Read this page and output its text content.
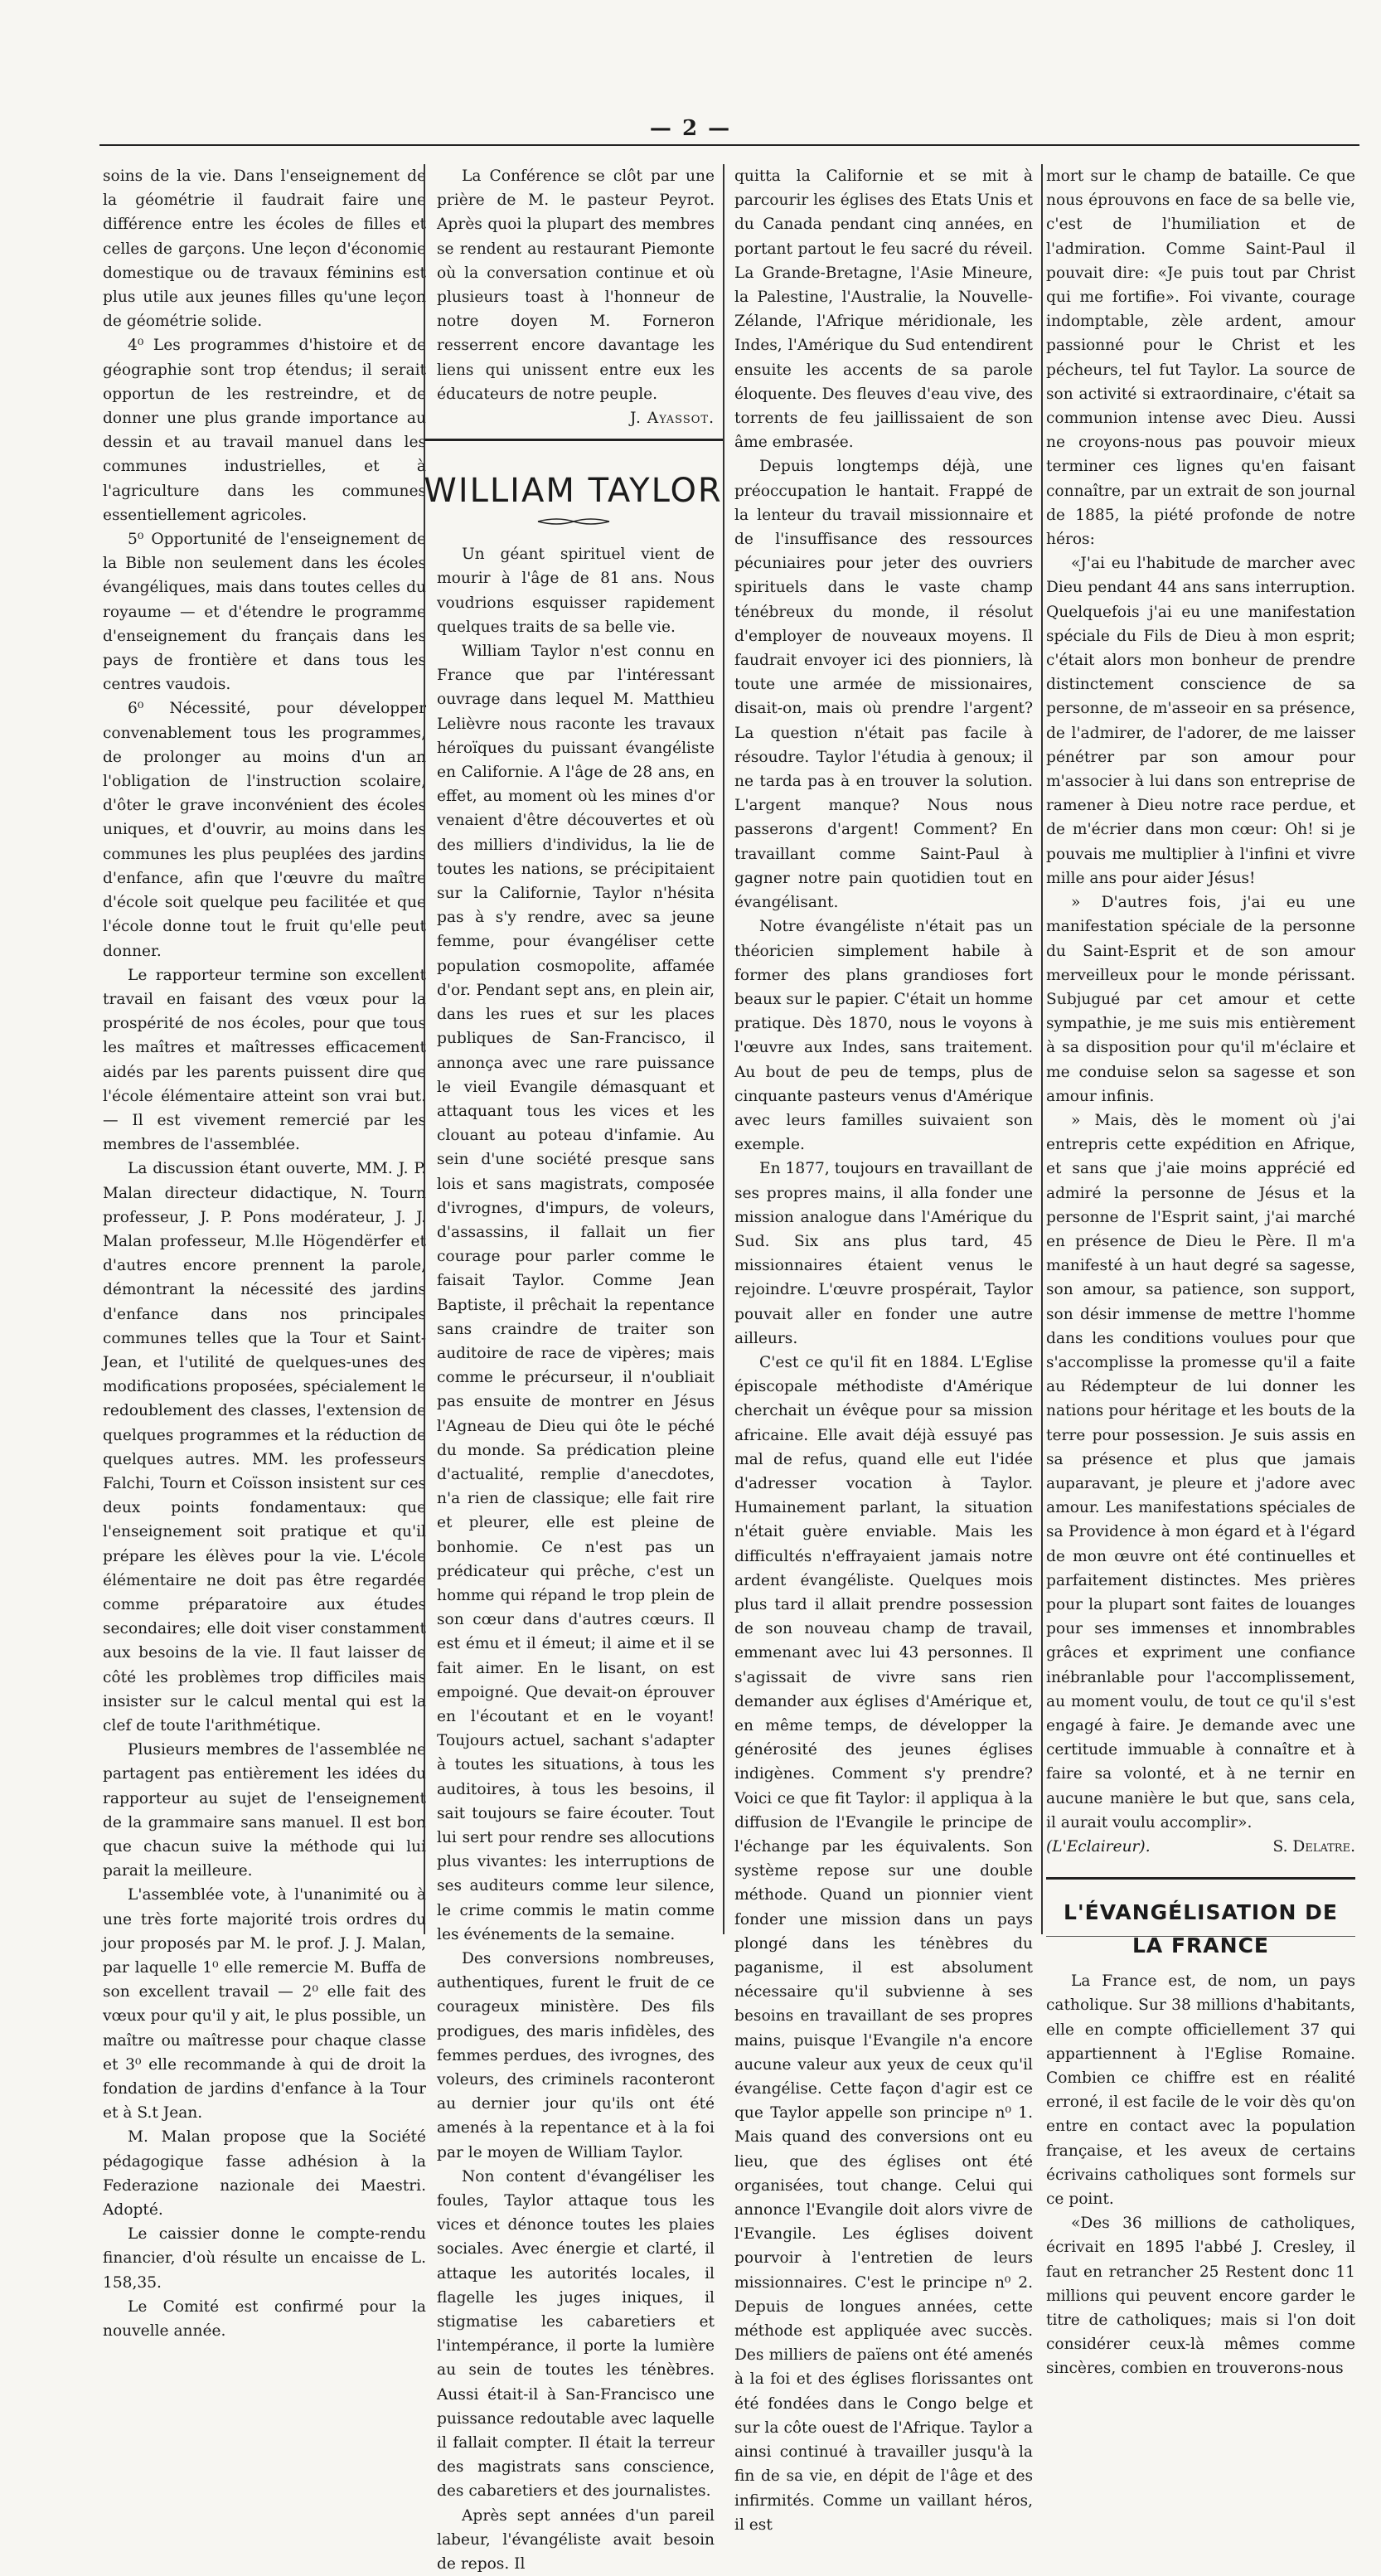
— 2 —

soins de la vie. Dans l'enseignement de la géométrie il faudrait faire une différence entre les écoles de filles et celles de garçons. Une leçon d'économie domestique ou de travaux féminins est plus utile aux jeunes filles qu'une leçon de géométrie solide.

4⁰ Les programmes d'histoire et de géographie sont trop étendus; il serait opportun de les restreindre, et de donner une plus grande importance au dessin et au travail manuel dans les communes industrielles, et à l'agriculture dans les communes essentiellement agricoles.

5⁰ Opportunité de l'enseignement de la Bible non seulement dans les écoles évangéliques, mais dans toutes celles du royaume — et d'étendre le programme d'enseignement du français dans les pays de frontière et dans tous les centres vaudois.

6⁰ Nécessité, pour développer convenablement tous les programmes, de prolonger au moins d'un an l'obligation de l'instruction scolaire, d'ôter le grave inconvénient des écoles uniques, et d'ouvrir, au moins dans les communes les plus peuplées des jardins d'enfance, afin que l'œuvre du maître d'école soit quelque peu facilitée et que l'école donne tout le fruit qu'elle peut donner.

Le rapporteur termine son excellent travail en faisant des vœux pour la prospérité de nos écoles, pour que tous les maîtres et maîtresses efficacement aidés par les parents puissent dire que l'école élémentaire atteint son vrai but. — Il est vivement remercié par les membres de l'assemblée.

La discussion étant ouverte, MM. J. P. Malan directeur didactique, N. Tourn professeur, J. P. Pons modérateur, J. J. Malan professeur, M.lle Högendërfer et d'autres encore prennent la parole, démontrant la nécessité des jardins d'enfance dans nos principales communes telles que la Tour et Saint-Jean, et l'utilité de quelques-unes des modifications proposées, spécialement le redoublement des classes, l'extension de quelques programmes et la réduction de quelques autres. MM. les professeurs Falchi, Tourn et Coïsson insistent sur ces deux points fondamentaux: que l'enseignement soit pratique et qu'il prépare les élèves pour la vie. L'école élémentaire ne doit pas être regardée comme préparatoire aux études secondaires; elle doit viser constamment aux besoins de la vie. Il faut laisser de côté les problèmes trop difficiles mais insister sur le calcul mental qui est la clef de toute l'arithmétique.

Plusieurs membres de l'assemblée ne partagent pas entièrement les idées du rapporteur au sujet de l'enseignement de la grammaire sans manuel. Il est bon que chacun suive la méthode qui lui parait la meilleure.

L'assemblée vote, à l'unanimité ou à une très forte majorité trois ordres du jour proposés par M. le prof. J. J. Malan, par laquelle 1⁰ elle remercie M. Buffa de son excellent travail — 2⁰ elle fait des vœux pour qu'il y ait, le plus possible, un maître ou maîtresse pour chaque classe et 3⁰ elle recommande à qui de droit la fondation de jardins d'enfance à la Tour et à S.t Jean.

M. Malan propose que la Société pédagogique fasse adhésion à la Federazione nazionale dei Maestri. Adopté.

Le caissier donne le compte-rendu financier, d'où résulte un encaisse de L. 158,35.

Le Comité est confirmé pour la nouvelle année.

La Conférence se clôt par une prière de M. le pasteur Peyrot. Après quoi la plupart des membres se rendent au restaurant Piemonte où la conversation continue et où plusieurs toast à l'honneur de notre doyen M. Forneron resserrent encore davantage les liens qui unissent entre eux les éducateurs de notre peuple.

J. Ayassot.

WILLIAM TAYLOR

Un géant spirituel vient de mourir à l'âge de 81 ans. Nous voudrions esquisser rapidement quelques traits de sa belle vie.

William Taylor n'est connu en France que par l'intéressant ouvrage dans lequel M. Matthieu Lelièvre nous raconte les travaux héroïques du puissant évangéliste en Californie. A l'âge de 28 ans, en effet, au moment où les mines d'or venaient d'être découvertes et où des milliers d'individus, la lie de toutes les nations, se précipitaient sur la Californie, Taylor n'hésita pas à s'y rendre, avec sa jeune femme, pour évangéliser cette population cosmopolite, affamée d'or. Pendant sept ans, en plein air, dans les rues et sur les places publiques de San-Francisco, il annonça avec une rare puissance le vieil Evangile démasquant et attaquant tous les vices et les clouant au poteau d'infamie. Au sein d'une société presque sans lois et sans magistrats, composée d'ivrognes, d'impurs, de voleurs, d'assassins, il fallait un fier courage pour parler comme le faisait Taylor. Comme Jean Baptiste, il prêchait la repentance sans craindre de traiter son auditoire de race de vipères; mais comme le précurseur, il n'oubliait pas ensuite de montrer en Jésus l'Agneau de Dieu qui ôte le péché du monde. Sa prédication pleine d'actualité, remplie d'anecdotes, n'a rien de classique; elle fait rire et pleurer, elle est pleine de bonhomie. Ce n'est pas un prédicateur qui prêche, c'est un homme qui répand le trop plein de son cœur dans d'autres cœurs. Il est ému et il émeut; il aime et il se fait aimer. En le lisant, on est empoigné. Que devait-on éprouver en l'écoutant et en le voyant! Toujours actuel, sachant s'adapter à toutes les situations, à tous les auditoires, à tous les besoins, il sait toujours se faire écouter. Tout lui sert pour rendre ses allocutions plus vivantes: les interruptions de ses auditeurs comme leur silence, le crime commis le matin comme les événements de la semaine.

Des conversions nombreuses, authentiques, furent le fruit de ce courageux ministère. Des fils prodigues, des maris infidèles, des femmes perdues, des ivrognes, des voleurs, des criminels raconteront au dernier jour qu'ils ont été amenés à la repentance et à la foi par le moyen de William Taylor.

Non content d'évangéliser les foules, Taylor attaque tous les vices et dénonce toutes les plaies sociales. Avec énergie et clarté, il attaque les autorités locales, il flagelle les juges iniques, il stigmatise les cabaretiers et l'intempérance, il porte la lumière au sein de toutes les ténèbres. Aussi était-il à San-Francisco une puissance redoutable avec laquelle il fallait compter. Il était la terreur des magistrats sans conscience, des cabaretiers et des journalistes.

Après sept années d'un pareil labeur, l'évangéliste avait besoin de repos. Il

quitta la Californie et se mit à parcourir les églises des Etats Unis et du Canada pendant cinq années, en portant partout le feu sacré du réveil. La Grande-Bretagne, l'Asie Mineure, la Palestine, l'Australie, la Nouvelle-Zélande, l'Afrique méridionale, les Indes, l'Amérique du Sud entendirent ensuite les accents de sa parole éloquente. Des fleuves d'eau vive, des torrents de feu jaillissaient de son âme embrasée.

Depuis longtemps déjà, une préoccupation le hantait. Frappé de la lenteur du travail missionnaire et de l'insuffisance des ressources pécuniaires pour jeter des ouvriers spirituels dans le vaste champ ténébreux du monde, il résolut d'employer de nouveaux moyens. Il faudrait envoyer ici des pionniers, là toute une armée de missionaires, disait-on, mais où prendre l'argent? La question n'était pas facile à résoudre. Taylor l'étudia à genoux; il ne tarda pas à en trouver la solution. L'argent manque? Nous nous passerons d'argent! Comment? En travaillant comme Saint-Paul à gagner notre pain quotidien tout en évangélisant.

Notre évangéliste n'était pas un théoricien simplement habile à former des plans grandioses fort beaux sur le papier. C'était un homme pratique. Dès 1870, nous le voyons à l'œuvre aux Indes, sans traitement. Au bout de peu de temps, plus de cinquante pasteurs venus d'Amérique avec leurs familles suivaient son exemple.

En 1877, toujours en travaillant de ses propres mains, il alla fonder une mission analogue dans l'Amérique du Sud. Six ans plus tard, 45 missionnaires étaient venus le rejoindre. L'œuvre prospérait, Taylor pouvait aller en fonder une autre ailleurs.

C'est ce qu'il fit en 1884. L'Eglise épiscopale méthodiste d'Amérique cherchait un évêque pour sa mission africaine. Elle avait déjà essuyé pas mal de refus, quand elle eut l'idée d'adresser vocation à Taylor. Humainement parlant, la situation n'était guère enviable. Mais les difficultés n'effrayaient jamais notre ardent évangéliste. Quelques mois plus tard il allait prendre possession de son nouveau champ de travail, emmenant avec lui 43 personnes. Il s'agissait de vivre sans rien demander aux églises d'Amérique et, en même temps, de développer la générosité des jeunes églises indigènes. Comment s'y prendre? Voici ce que fit Taylor: il appliqua à la diffusion de l'Evangile le principe de l'échange par les équivalents. Son système repose sur une double méthode. Quand un pionnier vient fonder une mission dans un pays plongé dans les ténèbres du paganisme, il est absolument nécessaire qu'il subvienne à ses besoins en travaillant de ses propres mains, puisque l'Evangile n'a encore aucune valeur aux yeux de ceux qu'il évangélise. Cette façon d'agir est ce que Taylor appelle son principe n⁰ 1. Mais quand des conversions ont eu lieu, que des églises ont été organisées, tout change. Celui qui annonce l'Evangile doit alors vivre de l'Evangile. Les églises doivent pourvoir à l'entretien de leurs missionnaires. C'est le principe n⁰ 2. Depuis de longues années, cette méthode est appliquée avec succès. Des milliers de païens ont été amenés à la foi et des églises florissantes ont été fondées dans le Congo belge et sur la côte ouest de l'Afrique. Taylor a ainsi continué à travailler jusqu'à la fin de sa vie, en dépit de l'âge et des infirmités. Comme un vaillant héros, il est

mort sur le champ de bataille. Ce que nous éprouvons en face de sa belle vie, c'est de l'humiliation et de l'admiration. Comme Saint-Paul il pouvait dire: «Je puis tout par Christ qui me fortifie». Foi vivante, courage indomptable, zèle ardent, amour passionné pour le Christ et les pécheurs, tel fut Taylor. La source de son activité si extraordinaire, c'était sa communion intense avec Dieu. Aussi ne croyons-nous pas pouvoir mieux terminer ces lignes qu'en faisant connaître, par un extrait de son journal de 1885, la piété profonde de notre héros:

«J'ai eu l'habitude de marcher avec Dieu pendant 44 ans sans interruption. Quelquefois j'ai eu une manifestation spéciale du Fils de Dieu à mon esprit; c'était alors mon bonheur de prendre distinctement conscience de sa personne, de m'asseoir en sa présence, de l'admirer, de l'adorer, de me laisser pénétrer par son amour pour m'associer à lui dans son entreprise de ramener à Dieu notre race perdue, et de m'écrier dans mon cœur: Oh! si je pouvais me multiplier à l'infini et vivre mille ans pour aider Jésus!

» D'autres fois, j'ai eu une manifestation spéciale de la personne du Saint-Esprit et de son amour merveilleux pour le monde périssant. Subjugué par cet amour et cette sympathie, je me suis mis entièrement à sa disposition pour qu'il m'éclaire et me conduise selon sa sagesse et son amour infinis.

» Mais, dès le moment où j'ai entrepris cette expédition en Afrique, et sans que j'aie moins apprécié ed admiré la personne de Jésus et la personne de l'Esprit saint, j'ai marché en présence de Dieu le Père. Il m'a manifesté à un haut degré sa sagesse, son amour, sa patience, son support, son désir immense de mettre l'homme dans les conditions voulues pour que s'accomplisse la promesse qu'il a faite au Rédempteur de lui donner les nations pour héritage et les bouts de la terre pour possession. Je suis assis en sa présence et plus que jamais auparavant, je pleure et j'adore avec amour. Les manifestations spéciales de sa Providence à mon égard et à l'égard de mon œuvre ont été continuelles et parfaitement distinctes. Mes prières pour la plupart sont faites de louanges pour ses immenses et innombrables grâces et expriment une confiance inébranlable pour l'accomplissement, au moment voulu, de tout ce qu'il s'est engagé à faire. Je demande avec une certitude immuable à connaître et à faire sa volonté, et à ne ternir en aucune manière le but que, sans cela, il aurait voulu accomplir».

(L'Eclaireur).	S. Delatre.
L'ÉVANGÉLISATION DE LA FRANCE

La France est, de nom, un pays catholique. Sur 38 millions d'habitants, elle en compte officiellement 37 qui appartiennent à l'Eglise Romaine. Combien ce chiffre est en réalité erroné, il est facile de le voir dès qu'on entre en contact avec la population française, et les aveux de certains écrivains catholiques sont formels sur ce point.

«Des 36 millions de catholiques, écrivait en 1895 l'abbé J. Cresley, il faut en retrancher 25 Restent donc 11 millions qui peuvent encore garder le titre de catholiques; mais si l'on doit considérer ceux-là mêmes comme sincères, combien en trouverons-nous
